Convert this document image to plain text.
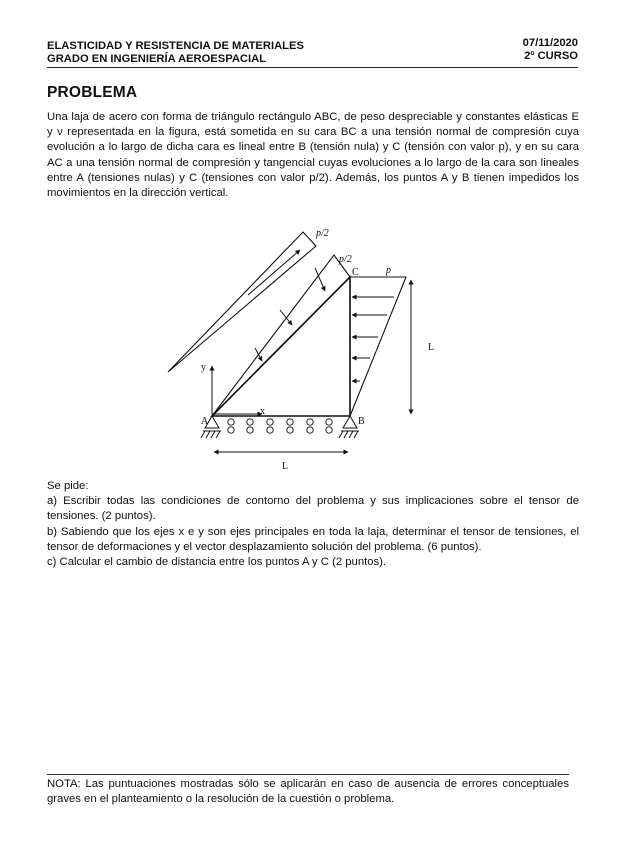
ELASTICIDAD Y RESISTENCIA DE MATERIALES
GRADO EN INGENIERÍA AEROESPACIAL
07/11/2020
2º CURSO
PROBLEMA
Una laja de acero con forma de triángulo rectángulo ABC, de peso despreciable y constantes elásticas E y ν representada en la figura, está sometida en su cara BC a una tensión normal de compresión cuya evolución a lo largo de dicha cara es lineal entre B (tensión nula) y C (tensión con valor p), y en su cara AC a una tensión normal de compresión y tangencial cuyas evoluciones a lo largo de la cara son lineales entre A (tensiones nulas) y C (tensiones con valor p/2). Además, los puntos A y B tienen impedidos los movimientos en la dirección vertical.
p/2
p/2
p
C
A	B
x
y
L
L

Se pide:

a) Escribir todas las condiciones de contorno del problema y sus implicaciones sobre el tensor de tensiones. (2 puntos).

b) Sabiendo que los ejes x e y son ejes principales en toda la laja, determinar el tensor de tensiones, el tensor de deformaciones y el vector desplazamiento solución del problema. (6 puntos).

c) Calcular el cambio de distancia entre los puntos A y C (2 puntos).

NOTA: Las puntuaciones mostradas sólo se aplicarán en caso de ausencia de errores conceptuales graves en el planteamiento o la resolución de la cuestión o problema.
